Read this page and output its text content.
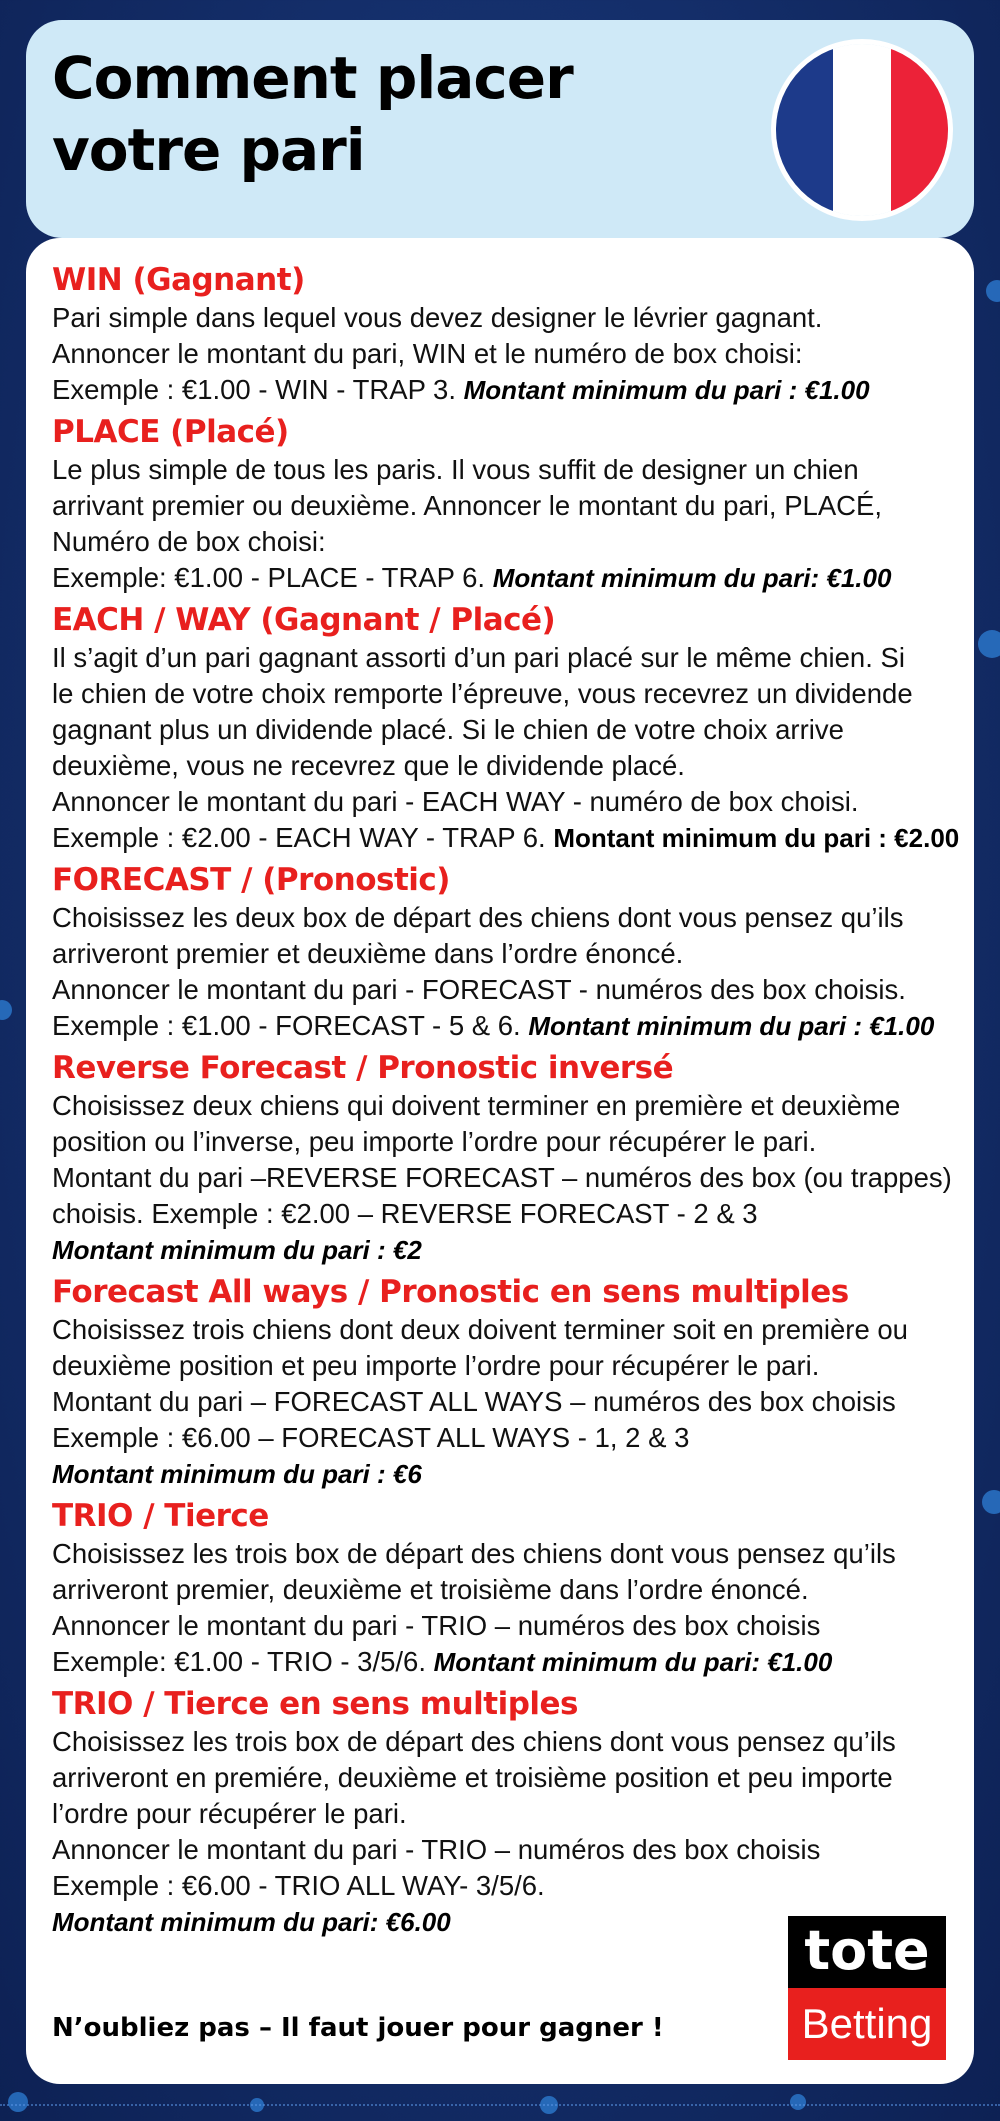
Comment placer
votre pari
WIN (Gagnant)

Pari simple dans lequel vous devez designer le lévrier gagnant.

Annoncer le montant du pari, WIN et le numéro de box choisi:

Exemple : €1.00 - WIN - TRAP 3. Montant minimum du pari : €1.00

PLACE (Placé)

Le plus simple de tous les paris. Il vous suffit de designer un chien

arrivant premier ou deuxième. Annoncer le montant du pari, PLACÉ,

Numéro de box choisi:

Exemple: €1.00 - PLACE - TRAP 6. Montant minimum du pari: €1.00

EACH / WAY (Gagnant / Placé)

Il s’agit d’un pari gagnant assorti d’un pari placé sur le même chien. Si

le chien de votre choix remporte l’épreuve, vous recevrez un dividende

gagnant plus un dividende placé. Si le chien de votre choix arrive

deuxième, vous ne recevrez que le dividende placé.

Annoncer le montant du pari - EACH WAY - numéro de box choisi.

Exemple : €2.00 - EACH WAY - TRAP 6. Montant minimum du pari : €2.00

FORECAST / (Pronostic)

Choisissez les deux box de départ des chiens dont vous pensez qu’ils

arriveront premier et deuxième dans l’ordre énoncé.

Annoncer le montant du pari - FORECAST - numéros des box choisis.

Exemple : €1.00 - FORECAST - 5 & 6. Montant minimum du pari : €1.00

Reverse Forecast / Pronostic inversé

Choisissez deux chiens qui doivent terminer en première et deuxième

position ou l’inverse, peu importe l’ordre pour récupérer le pari.

Montant du pari –REVERSE FORECAST – numéros des box (ou trappes)

choisis. Exemple : €2.00 – REVERSE FORECAST - 2 & 3

Montant minimum du pari : €2

Forecast All ways / Pronostic en sens multiples

Choisissez trois chiens dont deux doivent terminer soit en première ou

deuxième position et peu importe l’ordre pour récupérer le pari.

Montant du pari – FORECAST ALL WAYS – numéros des box choisis

Exemple : €6.00 – FORECAST ALL WAYS - 1, 2 & 3

Montant minimum du pari : €6

TRIO / Tierce

Choisissez les trois box de départ des chiens dont vous pensez qu’ils

arriveront premier, deuxième et troisième dans l’ordre énoncé.

Annoncer le montant du pari - TRIO – numéros des box choisis

Exemple: €1.00 - TRIO - 3/5/6. Montant minimum du pari: €1.00

TRIO / Tierce en sens multiples

Choisissez les trois box de départ des chiens dont vous pensez qu’ils

arriveront en premiére, deuxième et troisième position et peu importe

l’ordre pour récupérer le pari.

Annoncer le montant du pari - TRIO – numéros des box choisis

Exemple : €6.00 - TRIO ALL WAY- 3/5/6.

Montant minimum du pari: €6.00

N’oubliez pas – Il faut jouer pour gagner !

tote
Betting
